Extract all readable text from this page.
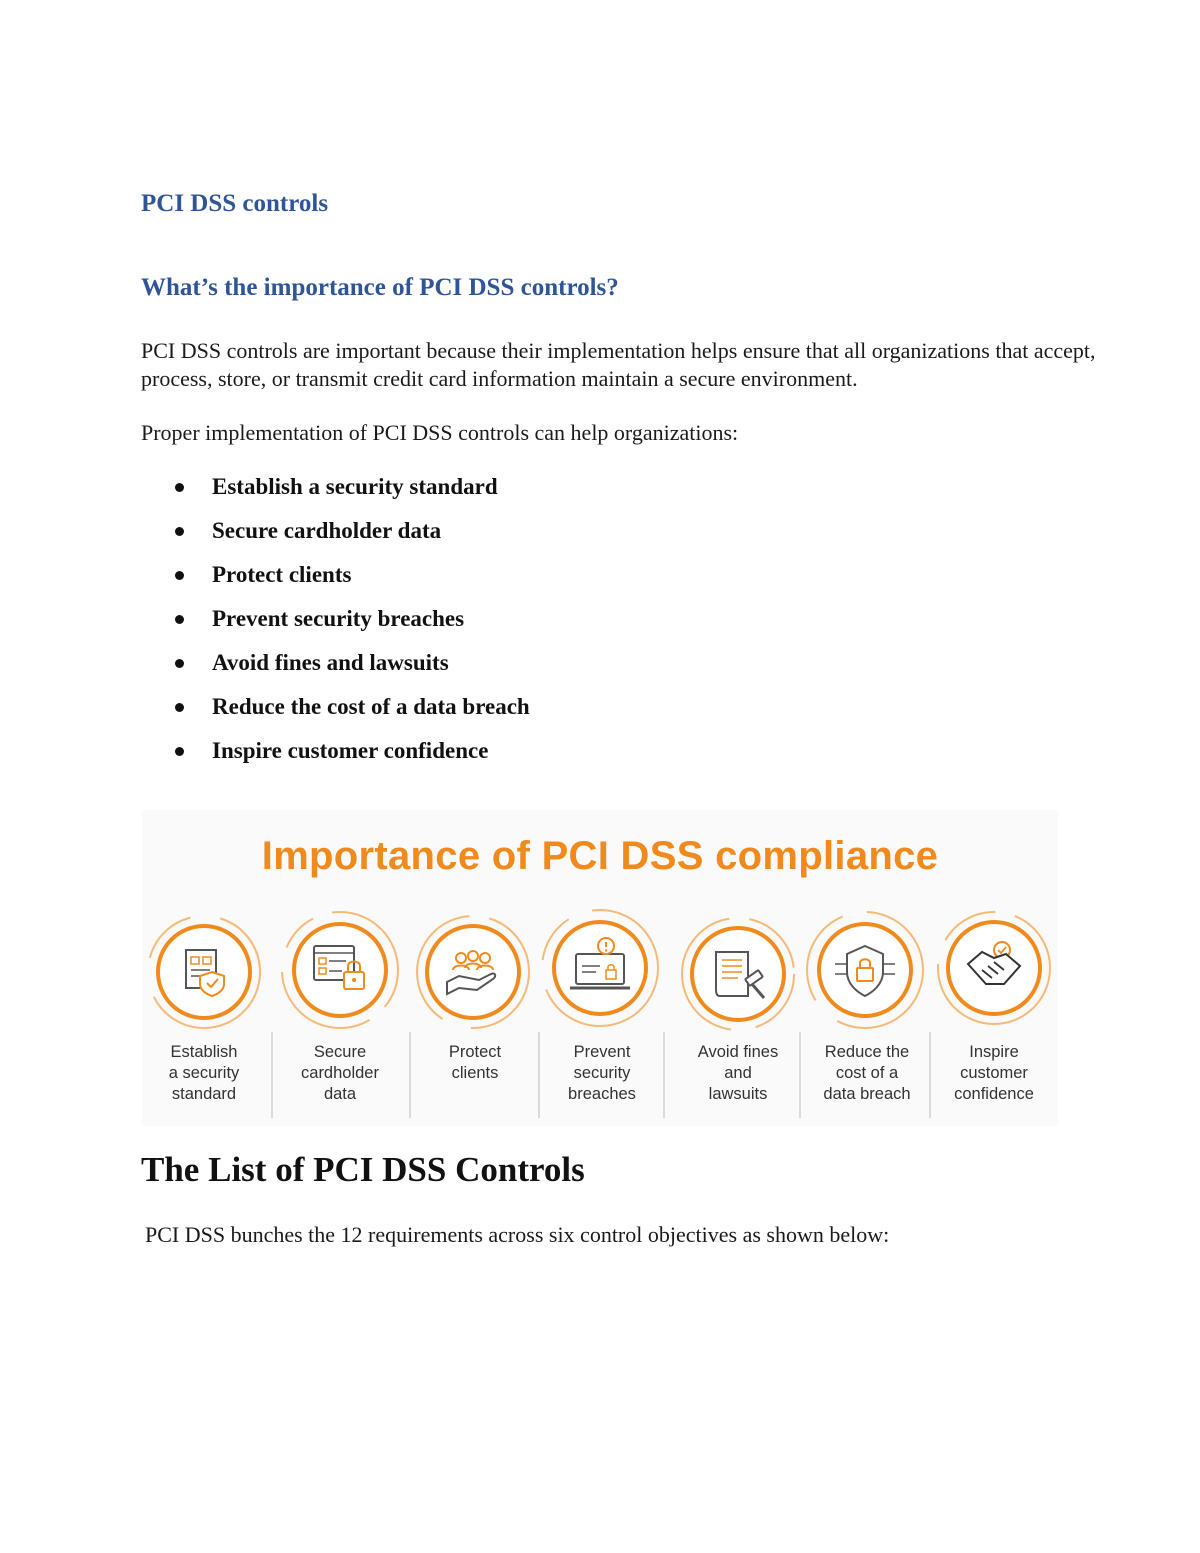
PCI DSS controls
What’s the importance of PCI DSS controls?

PCI DSS controls are important because their implementation helps ensure that all organizations that accept, process, store, or transmit credit card information maintain a secure environment.

Proper implementation of PCI DSS controls can help organizations:

Establish a security standard
Secure cardholder data
Protect clients
Prevent security breaches
Avoid fines and lawsuits
Reduce the cost of a data breach
Inspire customer confidence
Importance of PCI DSS compliance
Establish
a security
standard
Secure
cardholder
data
Protect
clients
Prevent
security
breaches
Avoid fines
and
lawsuits
Reduce the
cost of a
data breach
Inspire
customer
confidence
The List of PCI DSS Controls

PCI DSS bunches the 12 requirements across six control objectives as shown below:
